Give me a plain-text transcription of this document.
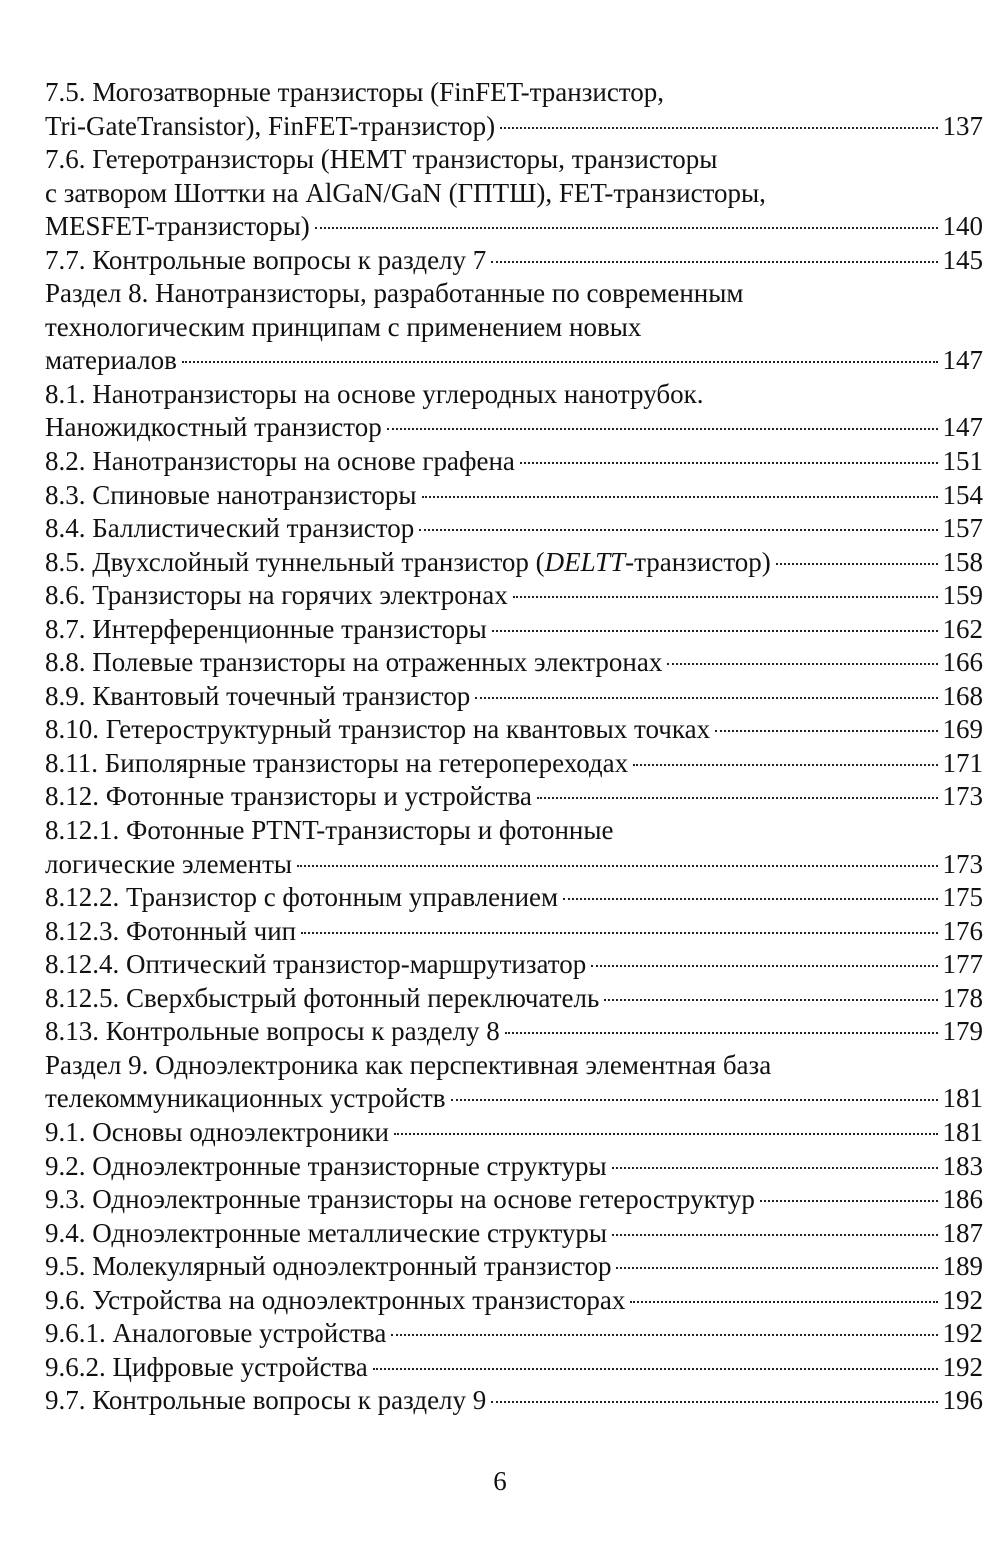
7.5. Могозатворные транзисторы (FinFET-транзистор,
Tri-GateTransistor), FinFET-транзистор)	137
7.6. Гетеротранзисторы (HEMT транзисторы, транзисторы
с затвором Шоттки на AlGaN/GaN (ГПТШ), FET-транзисторы,
MESFET-транзисторы)	140
7.7. Контрольные вопросы к разделу 7	145
Раздел 8. Нанотранзисторы, разработанные по современным
технологическим принципам с применением новых
материалов	147
8.1. Нанотранзисторы на основе углеродных нанотрубок.
Наножидкостный транзистор	147
8.2. Нанотранзисторы на основе графена	151
8.3. Спиновые нанотранзисторы	154
8.4. Баллистический транзистор	157
8.5. Двухслойный туннельный транзистор (DELTT-транзистор)	158
8.6. Транзисторы на горячих электронах	159
8.7. Интерференционные транзисторы	162
8.8. Полевые транзисторы на отраженных электронах	166
8.9. Квантовый точечный транзистор	168
8.10. Гетероструктурный транзистор на квантовых точках	169
8.11. Биполярные транзисторы на гетеропереходах	171
8.12. Фотонные транзисторы и устройства	173
8.12.1. Фотонные PTNT-транзисторы и фотонные
логические элементы	173
8.12.2. Транзистор с фотонным управлением	175
8.12.3. Фотонный чип	176
8.12.4. Оптический транзистор-маршрутизатор	177
8.12.5. Сверхбыстрый фотонный переключатель	178
8.13. Контрольные вопросы к разделу 8	179
Раздел 9. Одноэлектроника как перспективная элементная база
телекоммуникационных устройств	181
9.1. Основы одноэлектроники	181
9.2. Одноэлектронные транзисторные структуры	183
9.3. Одноэлектронные транзисторы на основе гетероструктур	186
9.4. Одноэлектронные металлические структуры	187
9.5. Молекулярный одноэлектронный транзистор	189
9.6. Устройства на одноэлектронных транзисторах	192
9.6.1. Аналоговые устройства	192
9.6.2. Цифровые устройства	192
9.7. Контрольные вопросы к разделу 9	196
6
